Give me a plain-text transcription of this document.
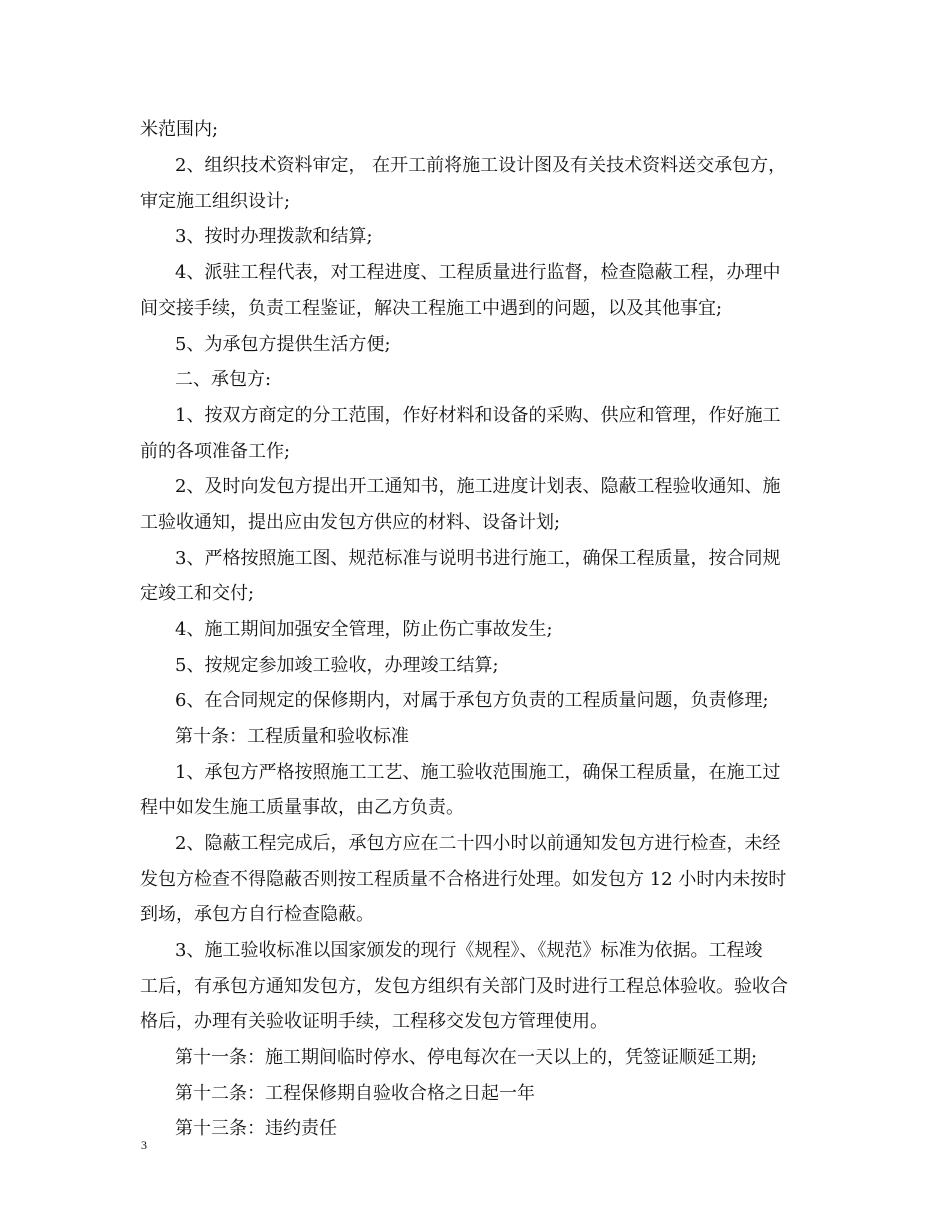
米范围内;
2、组织技术资料审定， 在开工前将施工设计图及有关技术资料送交承包方，
审定施工组织设计;
3、按时办理拨款和结算;
4、派驻工程代表，对工程进度、工程质量进行监督，检查隐蔽工程，办理中
间交接手续，负责工程鉴证，解决工程施工中遇到的问题，以及其他事宜;
5、为承包方提供生活方便;
二、承包方:
1、按双方商定的分工范围，作好材料和设备的采购、供应和管理，作好施工
前的各项准备工作;
2、及时向发包方提出开工通知书，施工进度计划表、隐蔽工程验收通知、施
工验收通知，提出应由发包方供应的材料、设备计划;
3、严格按照施工图、规范标准与说明书进行施工，确保工程质量，按合同规
定竣工和交付;
4、施工期间加强安全管理，防止伤亡事故发生;
5、按规定参加竣工验收，办理竣工结算;
6、在合同规定的保修期内，对属于承包方负责的工程质量问题，负责修理;
第十条：工程质量和验收标准
1、承包方严格按照施工工艺、施工验收范围施工，确保工程质量，在施工过
程中如发生施工质量事故，由乙方负责。
2、隐蔽工程完成后，承包方应在二十四小时以前通知发包方进行检查，未经
发包方检查不得隐蔽否则按工程质量不合格进行处理。如发包方 12 小时内未按时
到场，承包方自行检查隐蔽。
3、施工验收标准以国家颁发的现行《规程》、《规范》标准为依据。工程竣
工后，有承包方通知发包方，发包方组织有关部门及时进行工程总体验收。验收合
格后，办理有关验收证明手续，工程移交发包方管理使用。
第十一条：施工期间临时停水、停电每次在一天以上的，凭签证顺延工期;
第十二条：工程保修期自验收合格之日起一年
第十三条：违约责任
3
